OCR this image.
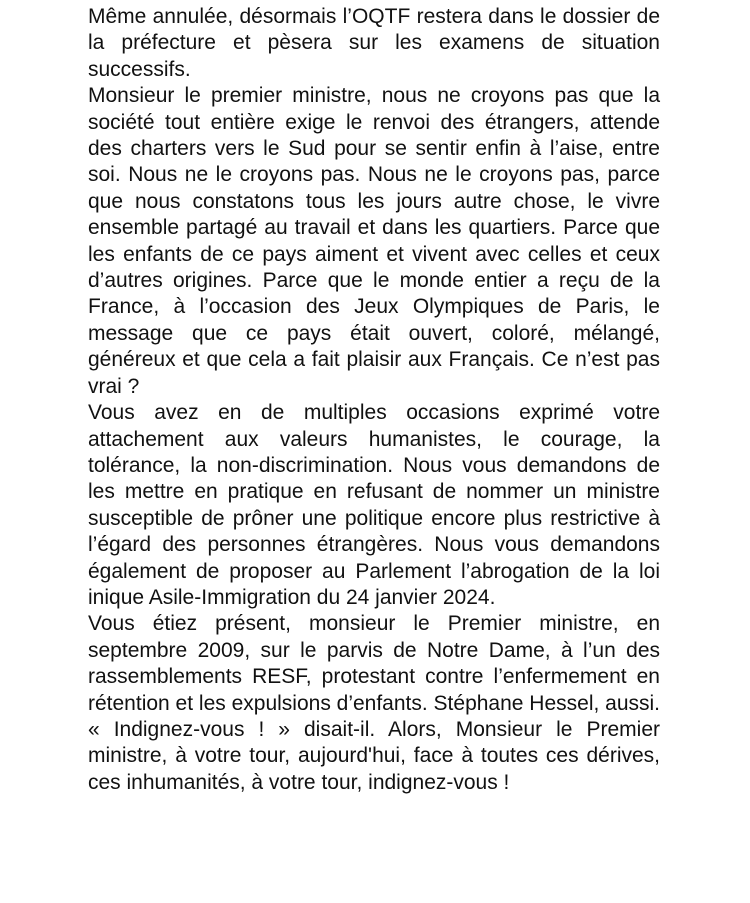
Même annulée, désormais l’OQTF restera dans le dossier de la préfecture et pèsera sur les examens de situation successifs.

Monsieur le premier ministre, nous ne croyons pas que la société tout entière exige le renvoi des étrangers, attende des charters vers le Sud pour se sentir enfin à l’aise, entre soi. Nous ne le croyons pas. Nous ne le croyons pas, parce que nous constatons tous les jours autre chose, le vivre ensemble partagé au travail et dans les quartiers. Parce que les enfants de ce pays aiment et vivent avec celles et ceux d’autres origines. Parce que le monde entier a reçu de la France, à l’occasion des Jeux Olympiques de Paris, le message que ce pays était ouvert, coloré, mélangé, généreux et que cela a fait plaisir aux Français. Ce n’est pas vrai ?

Vous avez en de multiples occasions exprimé votre attachement aux valeurs humanistes, le courage, la tolérance, la non-discrimination. Nous vous demandons de les mettre en pratique en refusant de nommer un ministre susceptible de prôner une politique encore plus restrictive à l’égard des personnes étrangères. Nous vous demandons également de proposer au Parlement l’abrogation de la loi inique Asile-Immigration du 24 janvier 2024.

Vous étiez présent, monsieur le Premier ministre, en septembre 2009, sur le parvis de Notre Dame, à l’un des rassemblements RESF, protestant contre l’enfermement en rétention et les expulsions d’enfants. Stéphane Hessel, aussi. « Indignez-vous ! » disait-il. Alors, Monsieur le Premier ministre, à votre tour, aujourd'hui, face à toutes ces dérives, ces inhumanités, à votre tour, indignez-vous !
